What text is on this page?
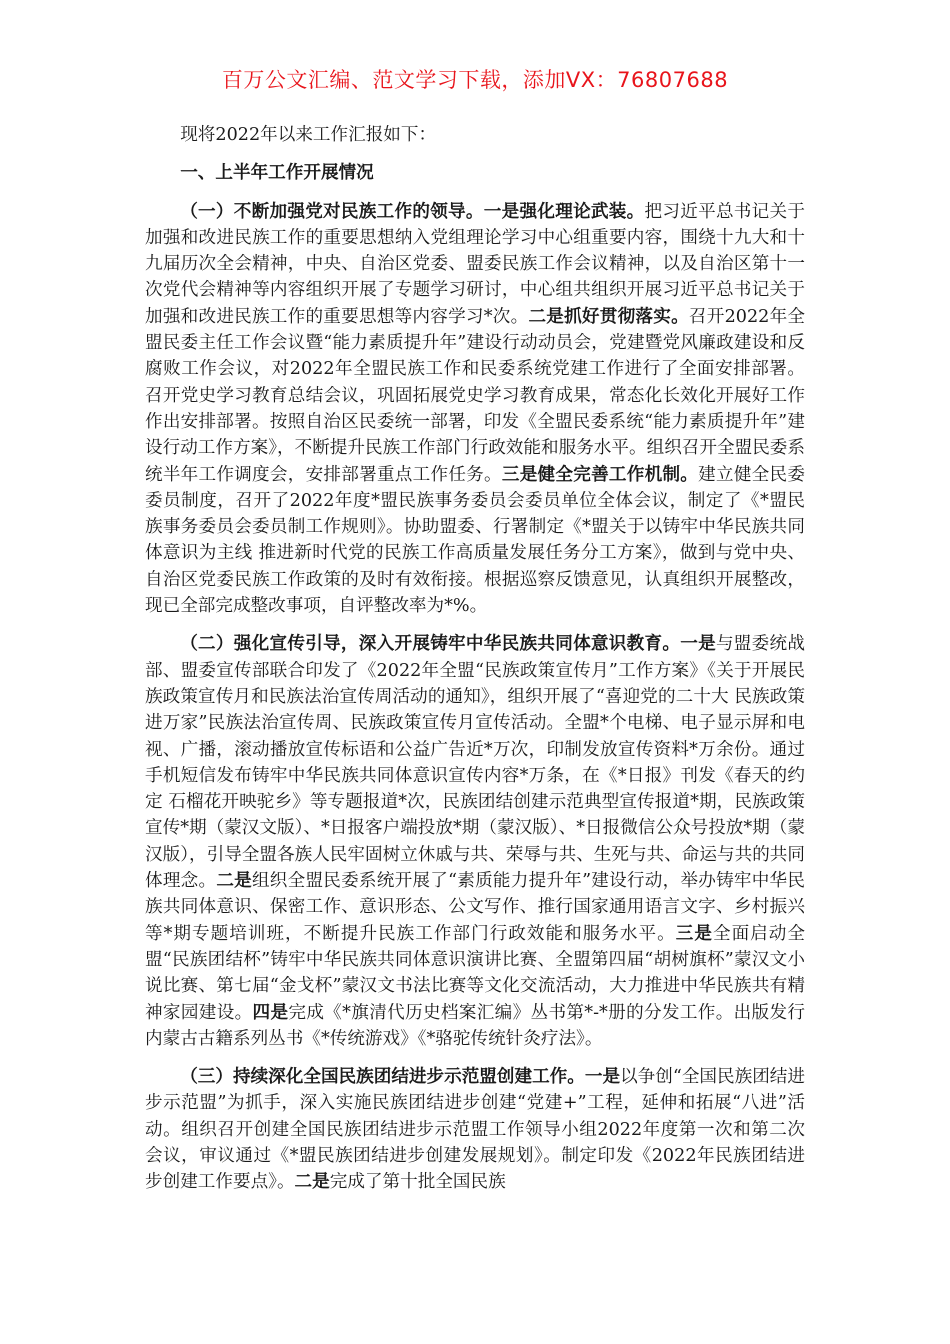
百万公文汇编、范文学习下载，添加VX：76807688

现将2022年以来工作汇报如下：

一、上半年工作开展情况

（一）不断加强党对民族工作的领导。一是强化理论武装。把习近平总书记关于加强和改进民族工作的重要思想纳入党组理论学习中心组重要内容，围绕十九大和十九届历次全会精神，中央、自治区党委、盟委民族工作会议精神，以及自治区第十一次党代会精神等内容组织开展了专题学习研讨，中心组共组织开展习近平总书记关于加强和改进民族工作的重要思想等内容学习*次。二是抓好贯彻落实。召开2022年全盟民委主任工作会议暨“能力素质提升年”建设行动动员会，党建暨党风廉政建设和反腐败工作会议，对2022年全盟民族工作和民委系统党建工作进行了全面安排部署。召开党史学习教育总结会议，巩固拓展党史学习教育成果，常态化长效化开展好工作作出安排部署。按照自治区民委统一部署，印发《全盟民委系统“能力素质提升年”建设行动工作方案》，不断提升民族工作部门行政效能和服务水平。组织召开全盟民委系统半年工作调度会，安排部署重点工作任务。三是健全完善工作机制。建立健全民委委员制度，召开了2022年度*盟民族事务委员会委员单位全体会议，制定了《*盟民族事务委员会委员制工作规则》。协助盟委、行署制定《*盟关于以铸牢中华民族共同体意识为主线 推进新时代党的民族工作高质量发展任务分工方案》，做到与党中央、自治区党委民族工作政策的及时有效衔接。根据巡察反馈意见，认真组织开展整改，现已全部完成整改事项，自评整改率为*%。

（二）强化宣传引导，深入开展铸牢中华民族共同体意识教育。一是与盟委统战部、盟委宣传部联合印发了《2022年全盟“民族政策宣传月”工作方案》《关于开展民族政策宣传月和民族法治宣传周活动的通知》，组织开展了“喜迎党的二十大 民族政策进万家”民族法治宣传周、民族政策宣传月宣传活动。全盟*个电梯、电子显示屏和电视、广播，滚动播放宣传标语和公益广告近*万次，印制发放宣传资料*万余份。通过手机短信发布铸牢中华民族共同体意识宣传内容*万条，在《*日报》刊发《春天的约定 石榴花开映驼乡》等专题报道*次，民族团结创建示范典型宣传报道*期，民族政策宣传*期（蒙汉文版）、*日报客户端投放*期（蒙汉版）、*日报微信公众号投放*期（蒙汉版），引导全盟各族人民牢固树立休戚与共、荣辱与共、生死与共、命运与共的共同体理念。二是组织全盟民委系统开展了“素质能力提升年”建设行动，举办铸牢中华民族共同体意识、保密工作、意识形态、公文写作、推行国家通用语言文字、乡村振兴等*期专题培训班，不断提升民族工作部门行政效能和服务水平。三是全面启动全盟“民族团结杯”铸牢中华民族共同体意识演讲比赛、全盟第四届“胡树旗杯”蒙汉文小说比赛、第七届“金戈杯”蒙汉文书法比赛等文化交流活动，大力推进中华民族共有精神家园建设。四是完成《*旗清代历史档案汇编》丛书第*-*册的分发工作。出版发行内蒙古古籍系列丛书《*传统游戏》《*骆驼传统针灸疗法》。

（三）持续深化全国民族团结进步示范盟创建工作。一是以争创“全国民族团结进步示范盟”为抓手，深入实施民族团结进步创建“党建+”工程，延伸和拓展“八进”活动。组织召开创建全国民族团结进步示范盟工作领导小组2022年度第一次和第二次会议，审议通过《*盟民族团结进步创建发展规划》。制定印发《2022年民族团结进步创建工作要点》。二是完成了第十批全国民族
